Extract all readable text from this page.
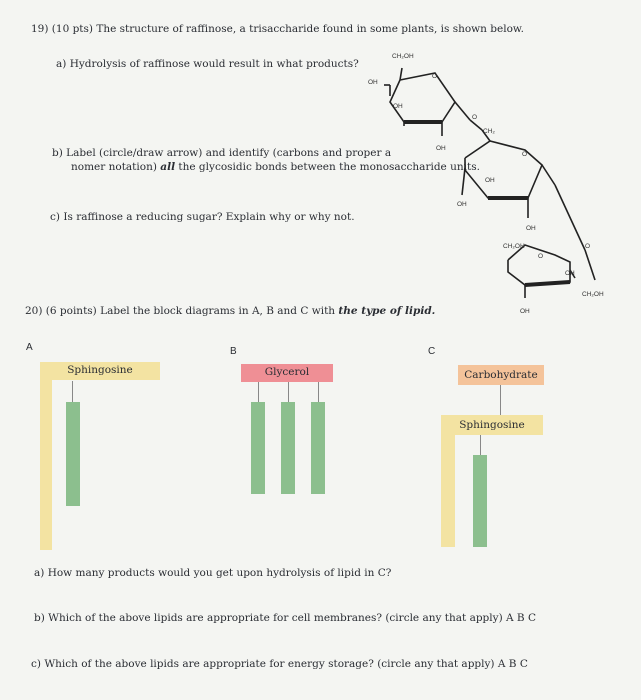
19) (10 pts) The structure of raffinose, a trisaccharide found in some plants, is shown below.
a) Hydrolysis of raffinose would result in what products?
b) Label (circle/draw arrow) and identify (carbons and proper a
nomer notation) all the glycosidic bonds between the monosaccharide units.
c) Is raffinose a reducing sugar? Explain why or why not.
CH₂OH
OH
OH
OH
O
O
CH₂
O
OH
OH
OH
CH₂OH
O
OH
O
CH₂OH
OH
20) (6 points) Label the block diagrams in A, B and C with the type of lipid.
A
Sphingosine
B
Glycerol
C
Carbohydrate
Sphingosine
a) How many products would you get upon hydrolysis of lipid in C?
b) Which of the above lipids are appropriate for cell membranes? (circle any that apply) A B C
c) Which of the above lipids are appropriate for energy storage? (circle any that apply) A B C
